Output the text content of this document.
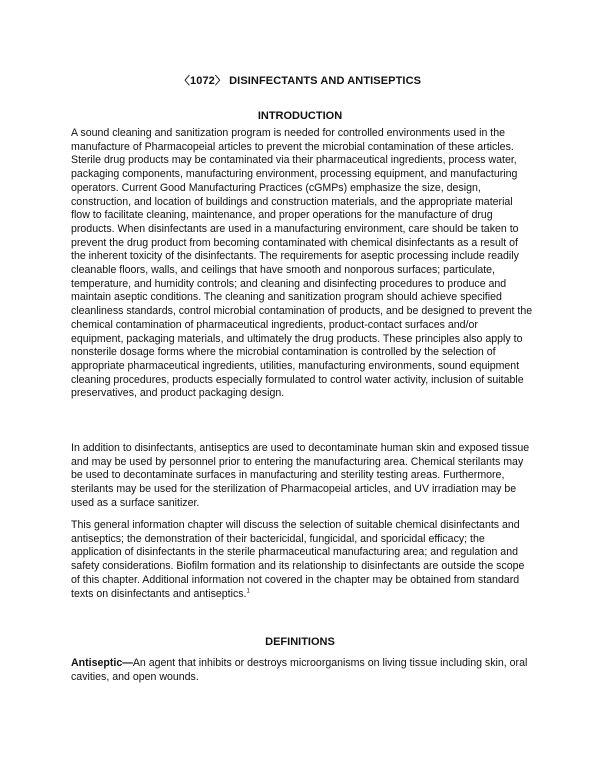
〈1072〉 DISINFECTANTS AND ANTISEPTICS
INTRODUCTION

A sound cleaning and sanitization program is needed for controlled environments used in the manufacture of Pharmacopeial articles to prevent the microbial contamination of these articles. Sterile drug products may be contaminated via their pharmaceutical ingredients, process water, packaging components, manufacturing environment, processing equipment, and manufacturing operators. Current Good Manufacturing Practices (cGMPs) emphasize the size, design, construction, and location of buildings and construction materials, and the appropriate material flow to facilitate cleaning, maintenance, and proper operations for the manufacture of drug products. When disinfectants are used in a manufacturing environment, care should be taken to prevent the drug product from becoming contaminated with chemical disinfectants as a result of the inherent toxicity of the disinfectants. The requirements for aseptic processing include readily cleanable floors, walls, and ceilings that have smooth and nonporous surfaces; particulate, temperature, and humidity controls; and cleaning and disinfecting procedures to produce and maintain aseptic conditions. The cleaning and sanitization program should achieve specified cleanliness standards, control microbial contamination of products, and be designed to prevent the chemical contamination of pharmaceutical ingredients, product-contact surfaces and/or equipment, packaging materials, and ultimately the drug products. These principles also apply to nonsterile dosage forms where the microbial contamination is controlled by the selection of appropriate pharmaceutical ingredients, utilities, manufacturing environments, sound equipment cleaning procedures, products especially formulated to control water activity, inclusion of suitable preservatives, and product packaging design.

In addition to disinfectants, antiseptics are used to decontaminate human skin and exposed tissue and may be used by personnel prior to entering the manufacturing area. Chemical sterilants may be used to decontaminate surfaces in manufacturing and sterility testing areas. Furthermore, sterilants may be used for the sterilization of Pharmacopeial articles, and UV irradiation may be used as a surface sanitizer.

This general information chapter will discuss the selection of suitable chemical disinfectants and antiseptics; the demonstration of their bactericidal, fungicidal, and sporicidal efficacy; the application of disinfectants in the sterile pharmaceutical manufacturing area; and regulation and safety considerations. Biofilm formation and its relationship to disinfectants are outside the scope of this chapter. Additional information not covered in the chapter may be obtained from standard texts on disinfectants and antiseptics.$^1$

DEFINITIONS

Antiseptic—An agent that inhibits or destroys microorganisms on living tissue including skin, oral cavities, and open wounds.
